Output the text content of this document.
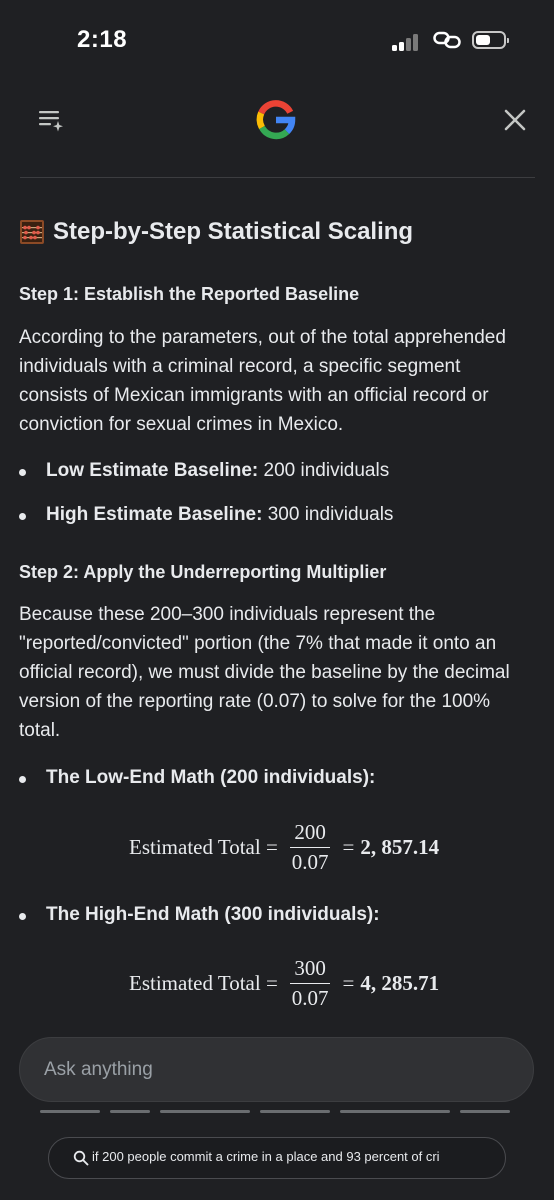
2:18
Step-by-Step Statistical Scaling
Step 1: Establish the Reported Baseline
According to the parameters, out of the total apprehended
individuals with a criminal record, a specific segment
consists of Mexican immigrants with an official record or
conviction for sexual crimes in Mexico.
Low Estimate Baseline: 200 individuals
High Estimate Baseline: 300 individuals
Step 2: Apply the Underreporting Multiplier
Because these 200–300 individuals represent the
"reported/convicted" portion (the 7% that made it onto an
official record), we must divide the baseline by the decimal
version of the reporting rate (0.07) to solve for the 100%
total.
The Low-End Math (200 individuals):
Estimated Total = $\frac{200}{0.07} = 2$, 857.14
The High-End Math (300 individuals):
Estimated Total = $\frac{300}{0.07} = 4$, 285.71
Ask anything
if 200 people commit a crime in a place and 93 percent of cri
